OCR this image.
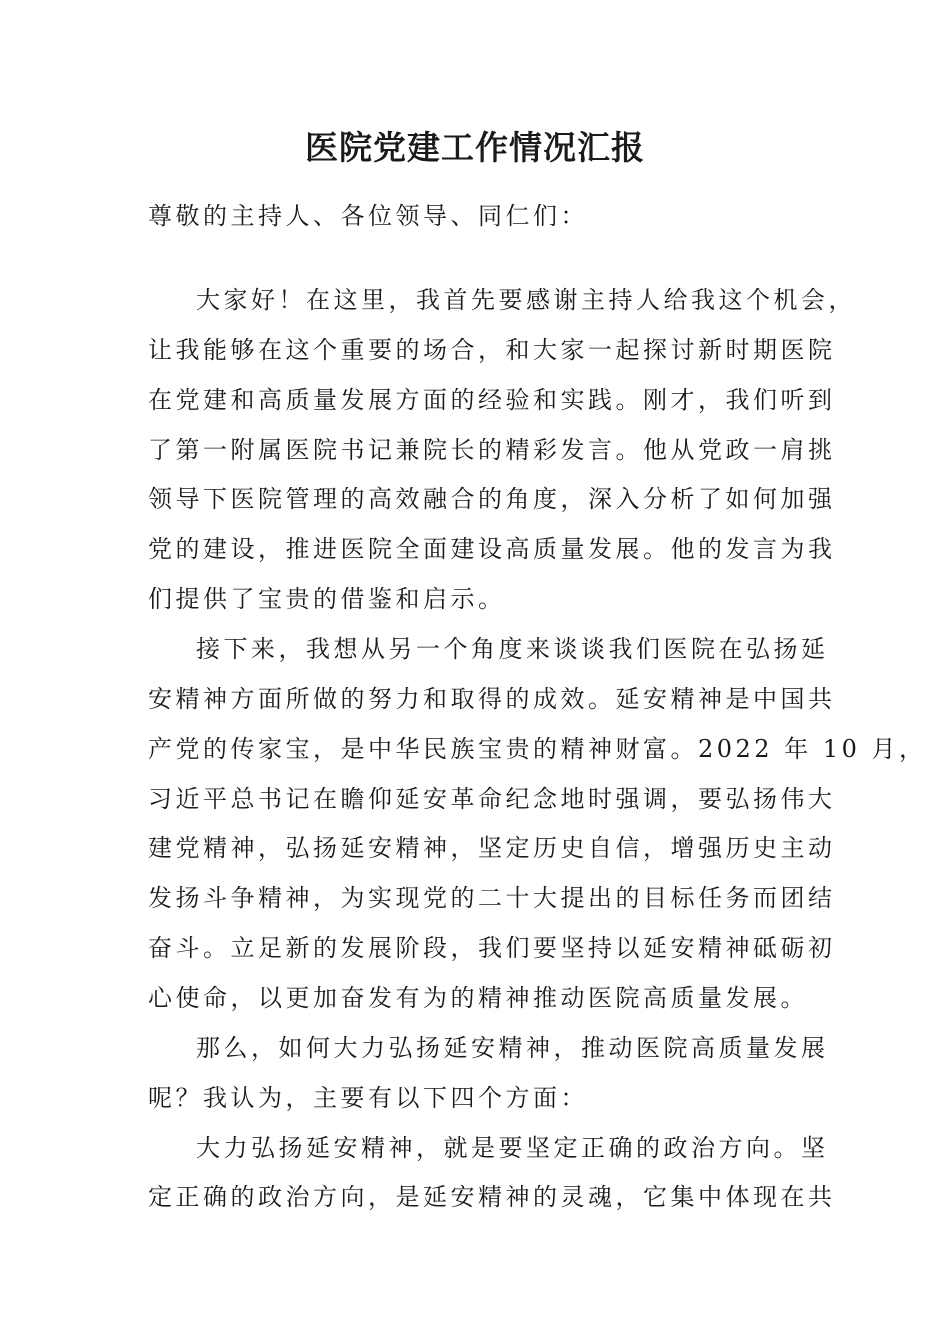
医院党建工作情况汇报

尊敬的主持人、各位领导、同仁们：

大家好！在这里，我首先要感谢主持人给我这个机会，

让我能够在这个重要的场合，和大家一起探讨新时期医院

在党建和高质量发展方面的经验和实践。刚才，我们听到

了第一附属医院书记兼院长的精彩发言。他从党政一肩挑

领导下医院管理的高效融合的角度，深入分析了如何加强

党的建设，推进医院全面建设高质量发展。他的发言为我

们提供了宝贵的借鉴和启示。

接下来，我想从另一个角度来谈谈我们医院在弘扬延

安精神方面所做的努力和取得的成效。延安精神是中国共

产党的传家宝，是中华民族宝贵的精神财富。2022 年 10 月，

习近平总书记在瞻仰延安革命纪念地时强调，要弘扬伟大

建党精神，弘扬延安精神，坚定历史自信，增强历史主动

发扬斗争精神，为实现党的二十大提出的目标任务而团结

奋斗。立足新的发展阶段，我们要坚持以延安精神砥砺初

心使命，以更加奋发有为的精神推动医院高质量发展。

那么，如何大力弘扬延安精神，推动医院高质量发展

呢？我认为，主要有以下四个方面：

大力弘扬延安精神，就是要坚定正确的政治方向。坚

定正确的政治方向，是延安精神的灵魂，它集中体现在共
